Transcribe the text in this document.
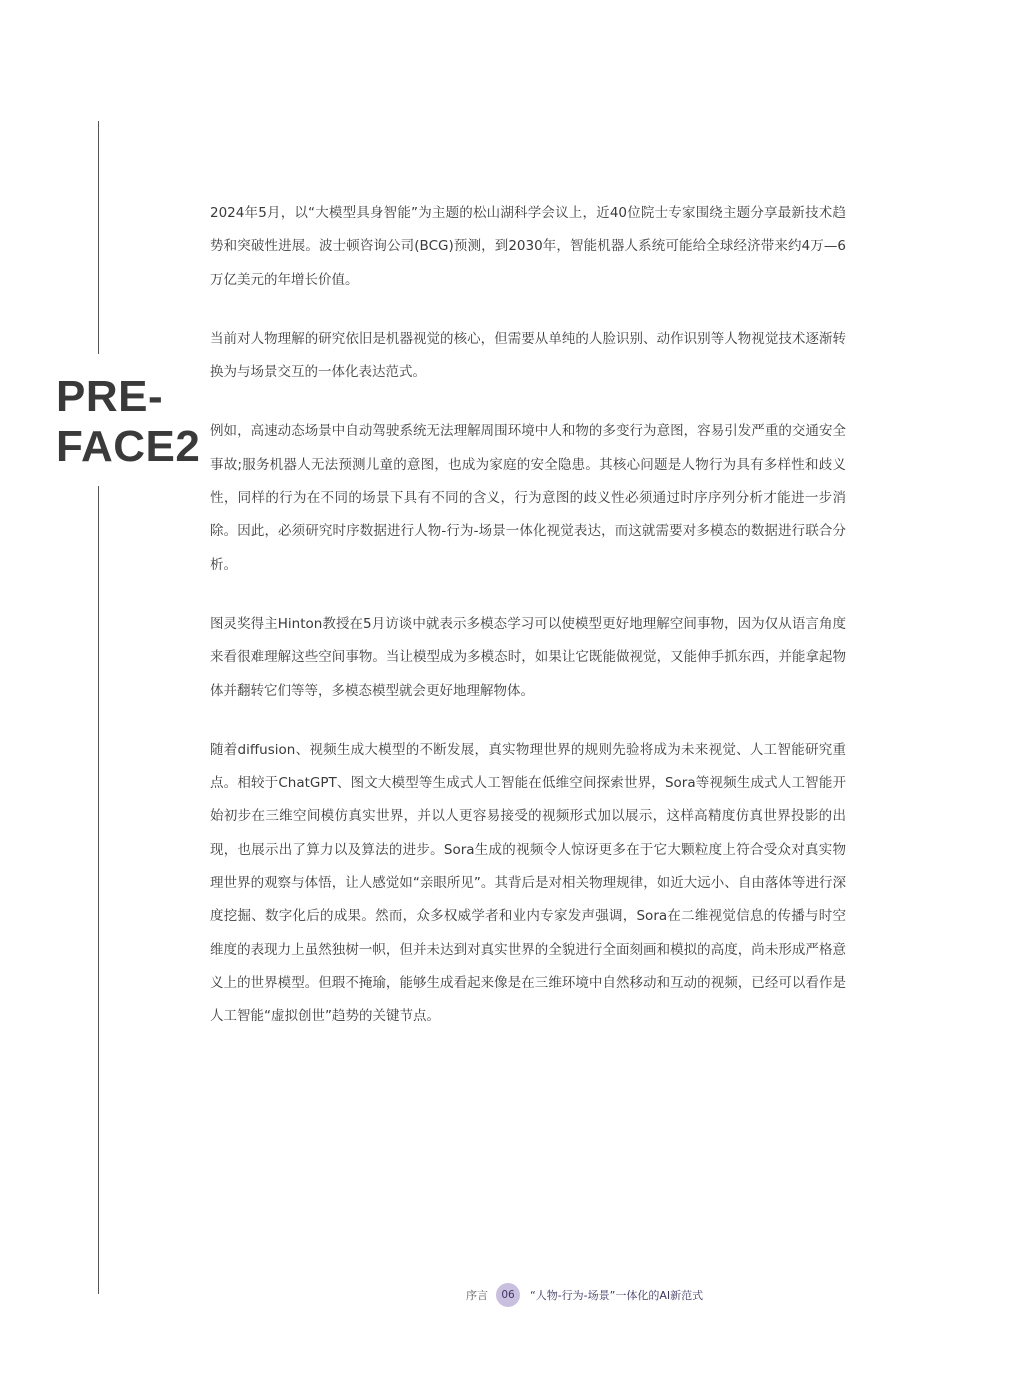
PRE-
FACE2

2024年5月，以“大模型具身智能”为主题的松山湖科学会议上，近40位院士专家围绕主题分享最新技术趋势和突破性进展。波士顿咨询公司(BCG)预测，到2030年，智能机器人系统可能给全球经济带来约4万—6万亿美元的年增长价值。

当前对人物理解的研究依旧是机器视觉的核心，但需要从单纯的人脸识别、动作识别等人物视觉技术逐渐转换为与场景交互的一体化表达范式。

例如，高速动态场景中自动驾驶系统无法理解周围环境中人和物的多变行为意图，容易引发严重的交通安全事故;服务机器人无法预测儿童的意图，也成为家庭的安全隐患。其核心问题是人物行为具有多样性和歧义性，同样的行为在不同的场景下具有不同的含义，行为意图的歧义性必须通过时序序列分析才能进一步消除。因此，必须研究时序数据进行人物-行为-场景一体化视觉表达，而这就需要对多模态的数据进行联合分析。

图灵奖得主Hinton教授在5月访谈中就表示多模态学习可以使模型更好地理解空间事物，因为仅从语言角度来看很难理解这些空间事物。当让模型成为多模态时，如果让它既能做视觉，又能伸手抓东西，并能拿起物体并翻转它们等等，多模态模型就会更好地理解物体。

随着diffusion、视频生成大模型的不断发展，真实物理世界的规则先验将成为未来视觉、人工智能研究重点。相较于ChatGPT、图文大模型等生成式人工智能在低维空间探索世界，Sora等视频生成式人工智能开始初步在三维空间模仿真实世界，并以人更容易接受的视频形式加以展示，这样高精度仿真世界投影的出现，也展示出了算力以及算法的进步。Sora生成的视频令人惊讶更多在于它大颗粒度上符合受众对真实物理世界的观察与体悟，让人感觉如“亲眼所见”。其背后是对相关物理规律，如近大远小、自由落体等进行深度挖掘、数字化后的成果。然而，众多权威学者和业内专家发声强调，Sora在二维视觉信息的传播与时空维度的表现力上虽然独树一帜，但并未达到对真实世界的全貌进行全面刻画和模拟的高度，尚未形成严格意义上的世界模型。但瑕不掩瑜，能够生成看起来像是在三维环境中自然移动和互动的视频，已经可以看作是人工智能“虚拟创世”趋势的关键节点。

序言	06	“人物-行为-场景”一体化的AI新范式
